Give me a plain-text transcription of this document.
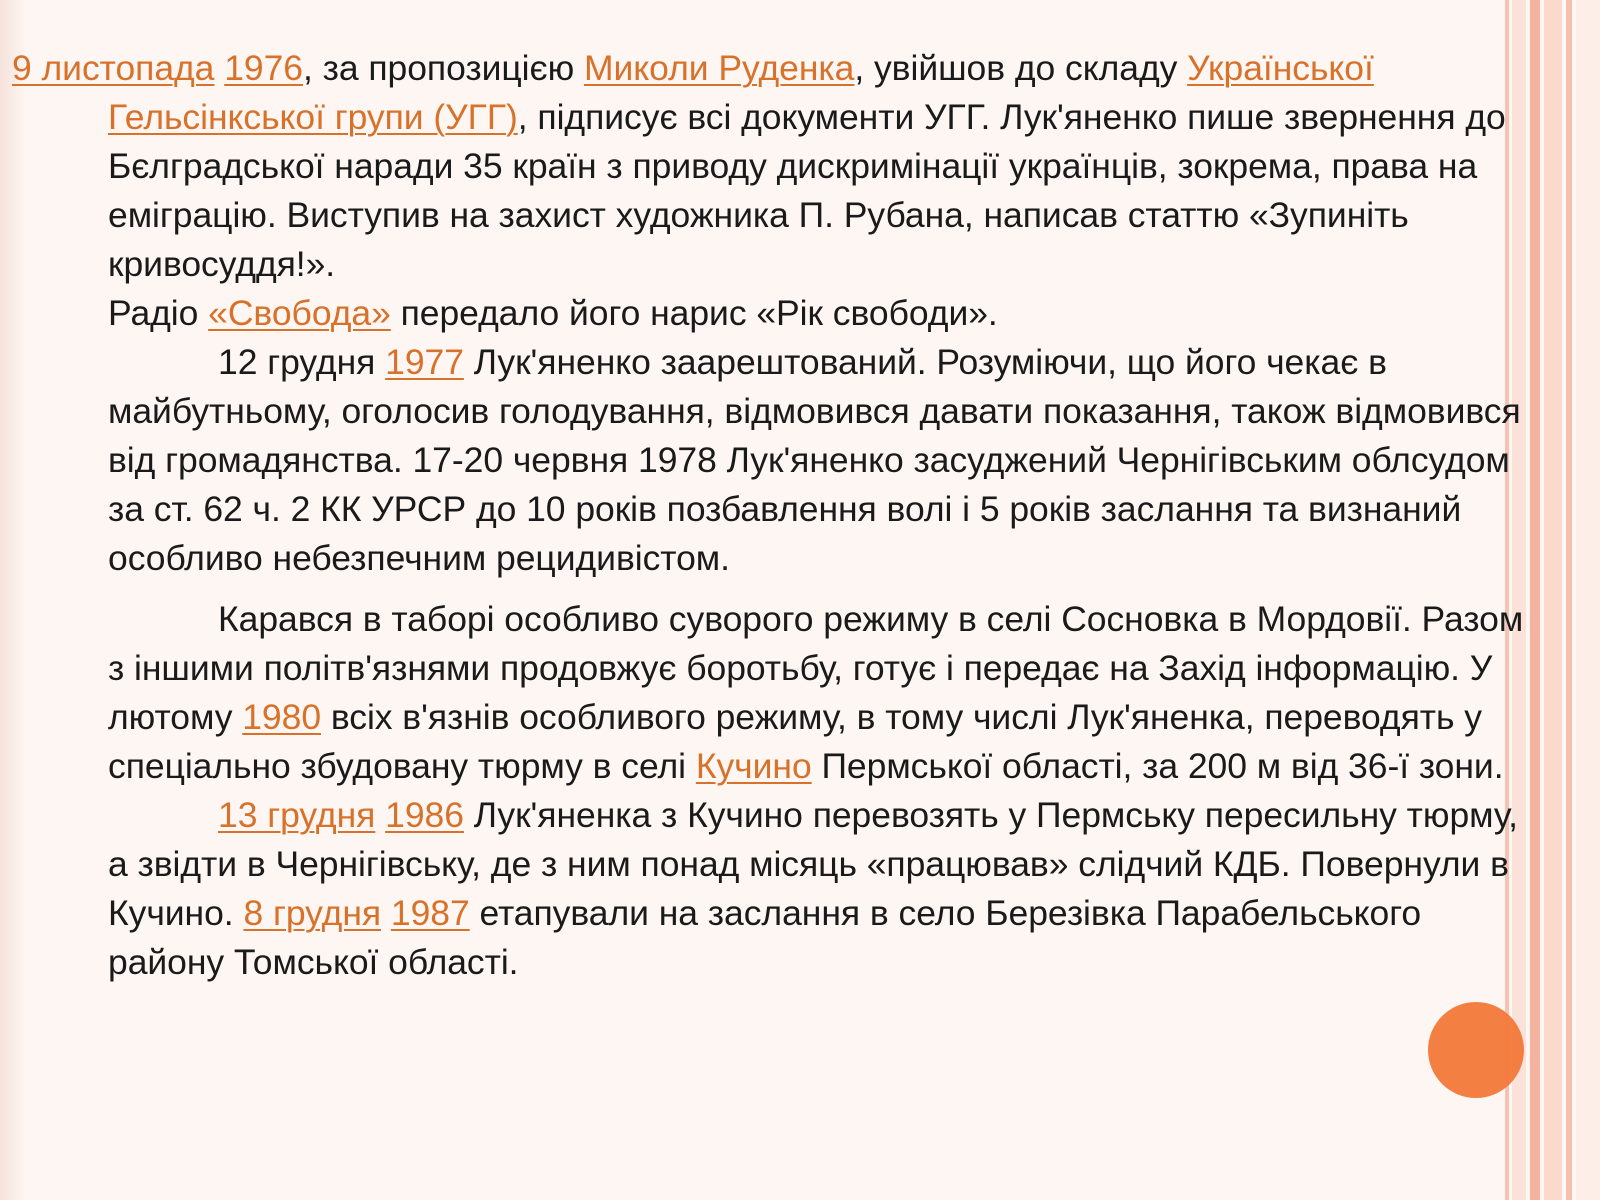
9 листопада 1976, за пропозицією Миколи Руденка, увійшов до складу Української Гельсінкської групи (УГГ), підписує всі документи УГГ. Лук'яненко пише звернення до Бєлградської наради 35 країн з приводу дискримінації українців, зокрема, права на еміграцію. Виступив на захист художника П. Рубана, написав статтю «Зупиніть кривосуддя!».
Радіо «Свобода» передало його нарис «Рік свободи».

12 грудня 1977 Лук'яненко заарештований. Розуміючи, що його чекає в майбутньому, оголосив голодування, відмовився давати показання, також відмовився від громадянства. 17-20 червня 1978 Лук'яненко засуджений Чернігівським облсудом за ст. 62 ч. 2 КК УРСР до 10 років позбавлення волі і 5 років заслання та визнаний особливо небезпечним рецидивістом.

Карався в таборі особливо суворого режиму в селі Сосновка в Мордовії. Разом з іншими політв'язнями продовжує боротьбу, готує і передає на Захід інформацію. У лютому 1980 всіх в'язнів особливого режиму, в тому числі Лук'яненка, переводять у спеціально збудовану тюрму в селі Кучино Пермської області, за 200 м від 36-ї зони.

13 грудня 1986 Лук'яненка з Кучино перевозять у Пермську пересильну тюрму, а звідти в Чернігівську, де з ним понад місяць «працював» слідчий КДБ. Повернули в Кучино. 8 грудня 1987 етапували на заслання в село Березівка Парабельського району Томської області.
